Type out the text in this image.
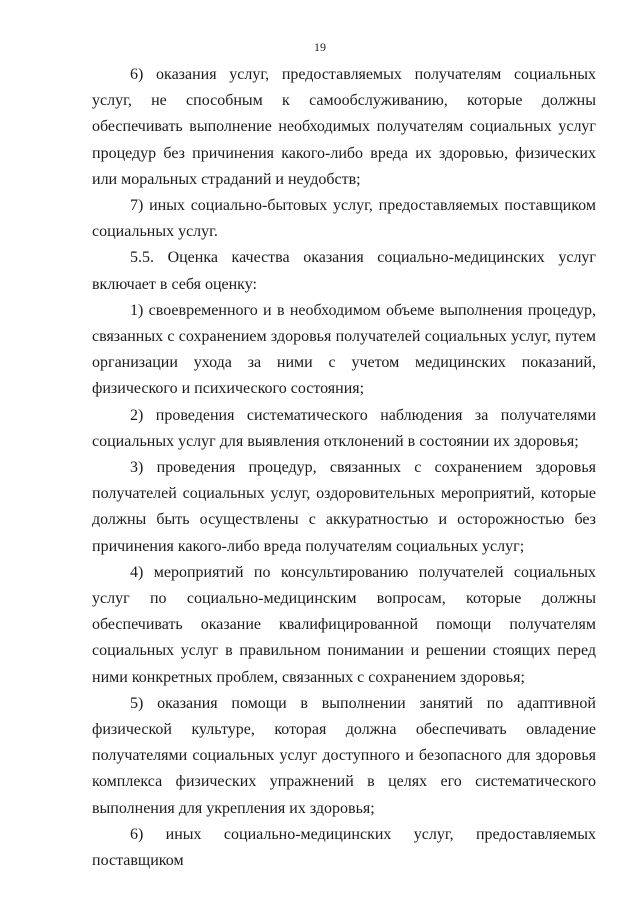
19

6) оказания услуг, предоставляемых получателям социальных услуг, не способным к самообслуживанию, которые должны обеспечивать выполнение необходимых получателям социальных услуг процедур без причинения какого-либо вреда их здоровью, физических или моральных страданий и неудобств;

7) иных социально-бытовых услуг, предоставляемых поставщиком социальных услуг.

5.5. Оценка качества оказания социально-медицинских услуг включает в себя оценку:

1) своевременного и в необходимом объеме выполнения процедур, связанных с сохранением здоровья получателей социальных услуг, путем организации ухода за ними с учетом медицинских показаний, физического и психического состояния;

2) проведения систематического наблюдения за получателями социальных услуг для выявления отклонений в состоянии их здоровья;

3) проведения процедур, связанных с сохранением здоровья получателей социальных услуг, оздоровительных мероприятий, которые должны быть осуществлены с аккуратностью и осторожностью без причинения какого-либо вреда получателям социальных услуг;

4) мероприятий по консультированию получателей социальных услуг по социально-медицинским вопросам, которые должны обеспечивать оказание квалифицированной помощи получателям социальных услуг в правильном понимании и решении стоящих перед ними конкретных проблем, связанных с сохранением здоровья;

5) оказания помощи в выполнении занятий по адаптивной физической культуре, которая должна обеспечивать овладение получателями социальных услуг доступного и безопасного для здоровья комплекса физических упражнений в целях его систематического выполнения для укрепления их здоровья;

6) иных социально-медицинских услуг, предоставляемых поставщиком
